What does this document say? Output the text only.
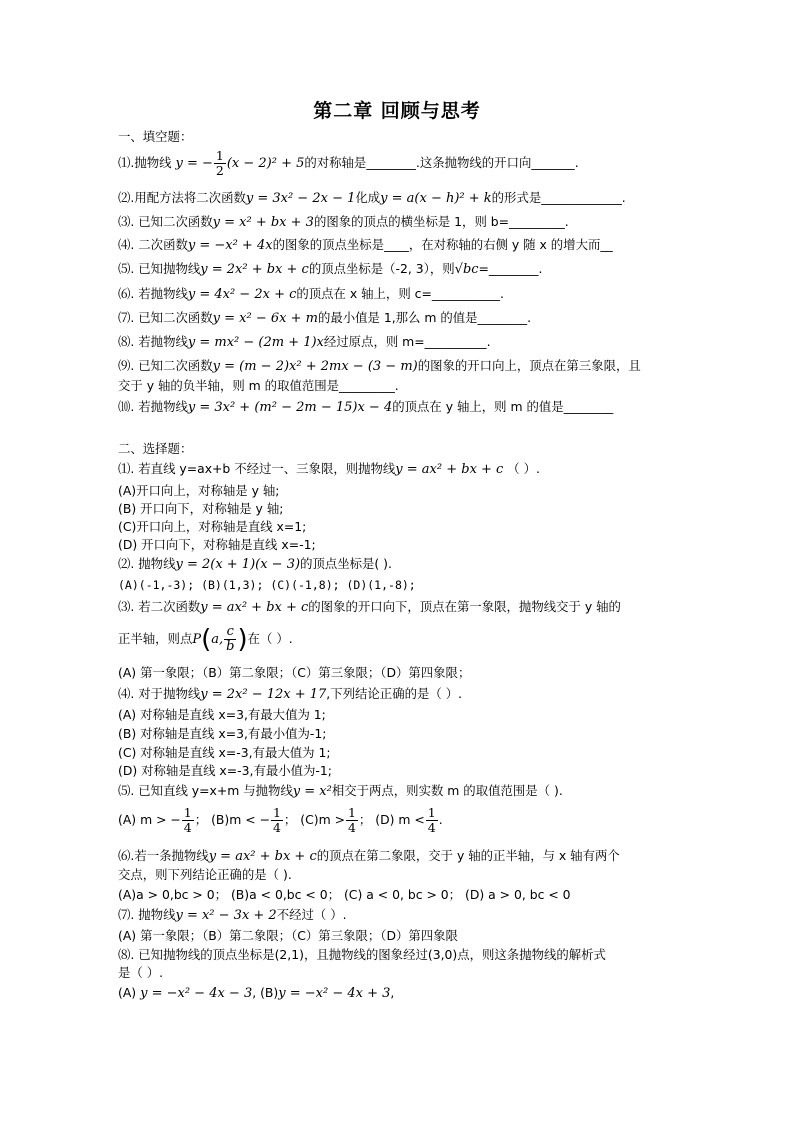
第二章 回顾与思考
一、填空题：
⑴.抛物线 y = − $\frac{1}{2} (x - 2)^2 + 5$的对称轴是________.这条抛物线的开口向_______.
⑵.用配方法将二次函数y = 3x² − 2x − 1化成y = a(x − h)² + k的形式是_____________.
⑶. 已知二次函数y = x² + bx + 3的图象的顶点的横坐标是 1，则 b=_________.
⑷. 二次函数y = −x² + 4x的图象的顶点坐标是____，在对称轴的右侧 y 随 x 的增大而__
⑸. 已知抛物线y = 2x² + bx + c的顶点坐标是（-2, 3），则√bc=________.
⑹. 若抛物线y = 4x² − 2x + c的顶点在 x 轴上，则 c=___________.
⑺. 已知二次函数y = x² − 6x + m的最小值是 1,那么 m 的值是________.
⑻. 若抛物线y = mx² − (2m + 1)x经过原点，则 m=__________.
⑼. 已知二次函数y = (m − 2)x² + 2mx − (3 − m)的图象的开口向上，顶点在第三象限，且
交于 y 轴的负半轴，则 m 的取值范围是_________.
⑽. 若抛物线y = 3x² + (m² − 2m − 15)x − 4的顶点在 y 轴上，则 m 的值是________
二、选择题：
⑴. 若直线 y=ax+b 不经过一、三象限，则抛物线y = ax² + bx + c （ ）.
(A)开口向上，对称轴是 y 轴;
(B) 开口向下，对称轴是 y 轴;
(C)开口向上，对称轴是直线 x=1;
(D) 开口向下，对称轴是直线 x=-1;
⑵. 抛物线y = 2(x + 1)(x − 3)的顶点坐标是( ).
(A)(-1,-3); (B)(1,3); (C)(-1,8); (D)(1,-8);
⑶. 若二次函数y = ax² + bx + c的图象的开口向下，顶点在第一象限，抛物线交于 y 轴的
正半轴，则点P(a, $\frac{c}{b}$ )在（ ）.
(A) 第一象限；（B）第二象限；（C）第三象限；（D）第四象限；
⑷. 对于抛物线y = 2x² − 12x + 17,下列结论正确的是（ ）.
(A) 对称轴是直线 x=3,有最大值为 1;
(B) 对称轴是直线 x=3,有最小值为-1;
(C) 对称轴是直线 x=-3,有最大值为 1;
(D) 对称轴是直线 x=-3,有最小值为-1;
⑸. 已知直线 y=x+m 与抛物线y = x²相交于两点，则实数 m 的取值范围是（ ).
(A) m > − $\frac{1}{4}$ ； (B)m < − $\frac{1}{4}$ ； $(C)m > \frac{1}{4}$ ； (D) $m < \frac{1}{4}$ .
⑹.若一条抛物线y = ax² + bx + c的顶点在第二象限，交于 y 轴的正半轴，与 x 轴有两个
交点，则下列结论正确的是（ ).
(A)a > 0,bc > 0； (B)a < 0,bc < 0； (C) a < 0, bc > 0； (D) a > 0, bc < 0
⑺. 抛物线y = x² − 3x + 2不经过（ ）.
(A) 第一象限；（B）第二象限；（C）第三象限；（D）第四象限
⑻. 已知抛物线的顶点坐标是(2,1)，且抛物线的图象经过(3,0)点，则这条抛物线的解析式
是（ ）.
(A) y = −x² − 4x − 3, (B)y = −x² − 4x + 3,
